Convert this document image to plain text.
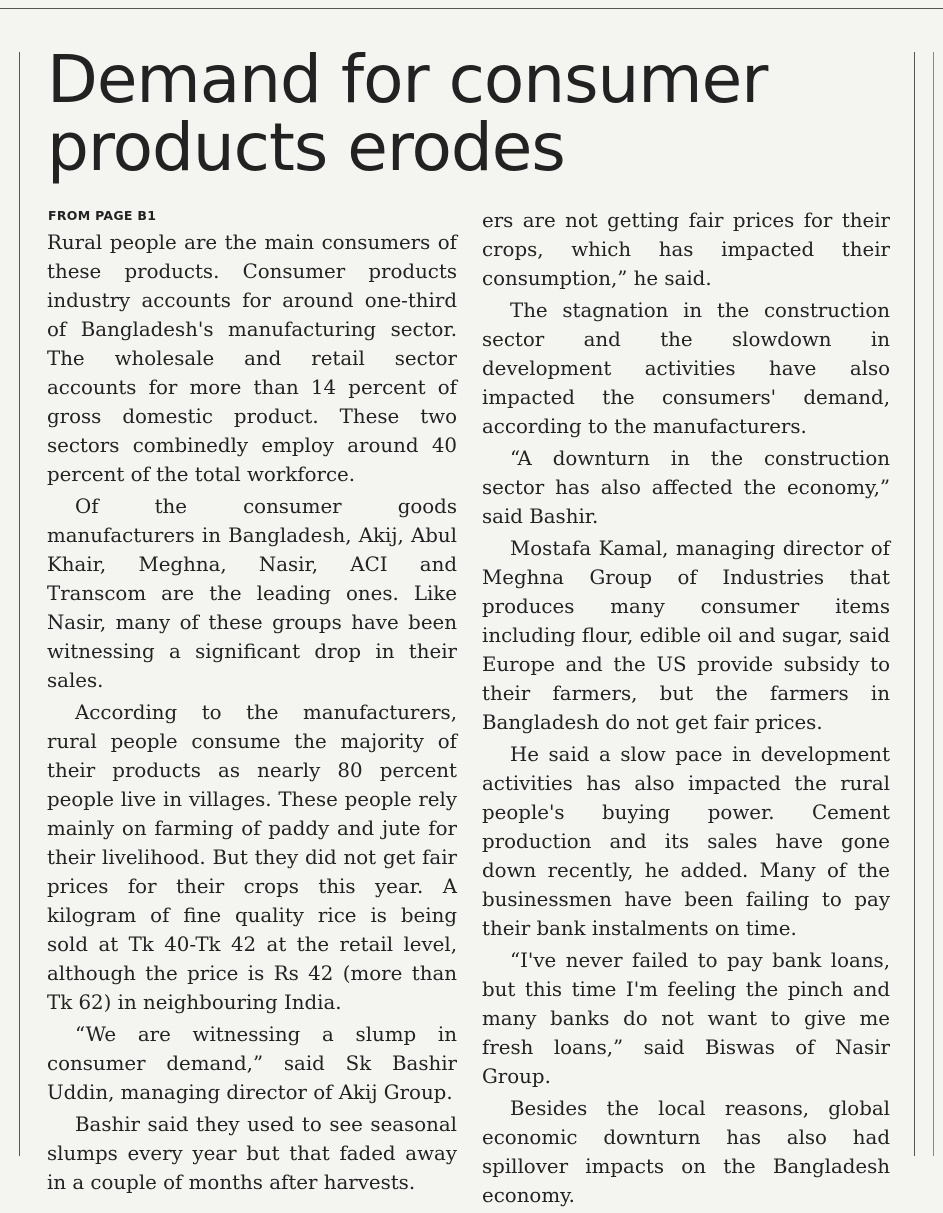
Demand for consumer products erodes
FROM PAGE B1

Rural people are the main consumers of these products. Consumer products industry accounts for around one-third of Bangladesh's manufacturing sector. The wholesale and retail sector accounts for more than 14 percent of gross domestic product. These two sectors combinedly employ around 40 percent of the total workforce.

Of the consumer goods manufacturers in Bangladesh, Akij, Abul Khair, Meghna, Nasir, ACI and Transcom are the leading ones. Like Nasir, many of these groups have been witnessing a significant drop in their sales.

According to the manufacturers, rural people consume the majority of their products as nearly 80 percent people live in villages. These people rely mainly on farming of paddy and jute for their livelihood. But they did not get fair prices for their crops this year. A kilogram of fine quality rice is being sold at Tk 40-Tk 42 at the retail level, although the price is Rs 42 (more than Tk 62) in neighbouring India.

“We are witnessing a slump in consumer demand,” said Sk Bashir Uddin, managing director of Akij Group.

Bashir said they used to see seasonal slumps every year but that faded away in a couple of months after harvests.

ers are not getting fair prices for their crops, which has impacted their consumption,” he said.

The stagnation in the construction sector and the slowdown in development activities have also impacted the consumers' demand, according to the manufacturers.

“A downturn in the construction sector has also affected the economy,” said Bashir.

Mostafa Kamal, managing director of Meghna Group of Industries that produces many consumer items including flour, edible oil and sugar, said Europe and the US provide subsidy to their farmers, but the farmers in Bangladesh do not get fair prices.

He said a slow pace in development activities has also impacted the rural people's buying power. Cement production and its sales have gone down recently, he added. Many of the businessmen have been failing to pay their bank instalments on time.

“I've never failed to pay bank loans, but this time I'm feeling the pinch and many banks do not want to give me fresh loans,” said Biswas of Nasir Group.

Besides the local reasons, global economic downturn has also had spillover impacts on the Bangladesh economy.
